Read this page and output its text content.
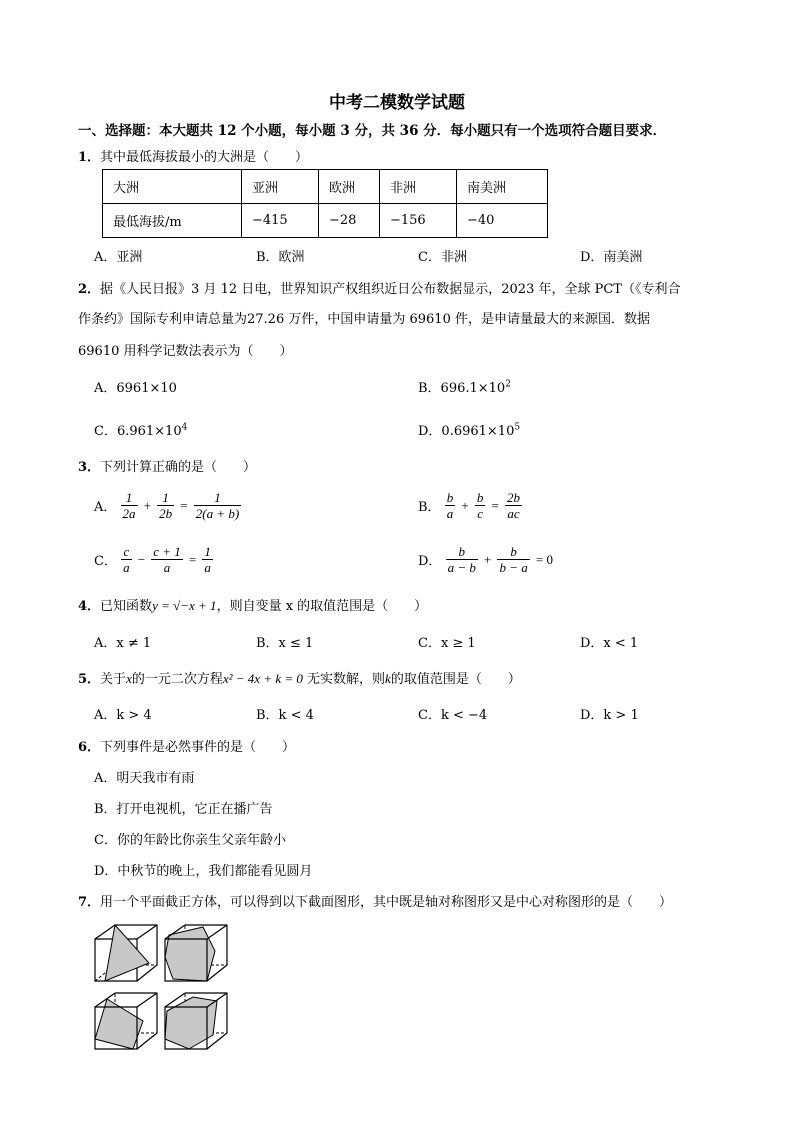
中考二模数学试题
一、选择题：本大题共 12 个小题，每小题 3 分，共 36 分．每小题只有一个选项符合题目要求．
1．其中最低海拔最小的大洲是（　　）
大洲	亚洲	欧洲	非洲	南美洲
最低海拔/m	−415	−28	−156	−40
A．亚洲	B．欧洲	C．非洲	D．南美洲
2．据《人民日报》3 月 12 日电，世界知识产权组织近日公布数据显示，2023 年，全球 PCT（《专利合
作条约》国际专利申请总量为27.26 万件，中国申请量为 69610 件，是申请量最大的来源国．数据
69610 用科学记数法表示为（　　）
A．6961×10	B．$696.1\times 10^2$
C．$6.961\times 10^4$	D．$0.6961\times 10^5$
3．下列计算正确的是（　　）
A． $\frac{1}{2a} + \frac{1}{2b} = \frac{1}{2(a + b)}$	B． $\frac{b}{a} + \frac{b}{c} = \frac{2b}{ac}$
C． $\frac{c}{a} - \frac{c + 1}{a} = \frac{1}{a}$	D． $\frac{b}{a - b} + \frac{b}{b - a} = 0$
4．已知函数y = √−x + 1，则自变量 x 的取值范围是（　　）
A．x ≠ 1	B．x ≤ 1	C．x ≥ 1	D．x < 1
5．关于x的一元二次方程x² − 4x + k = 0 无实数解，则k的取值范围是（　　）
A．k > 4	B．k < 4	C．k < −4	D．k > 1
6．下列事件是必然事件的是（　　）
A．明天我市有雨
B．打开电视机，它正在播广告
C．你的年龄比你亲生父亲年龄小
D．中秋节的晚上，我们都能看见圆月
7．用一个平面截正方体，可以得到以下截面图形，其中既是轴对称图形又是中心对称图形的是（　　）
